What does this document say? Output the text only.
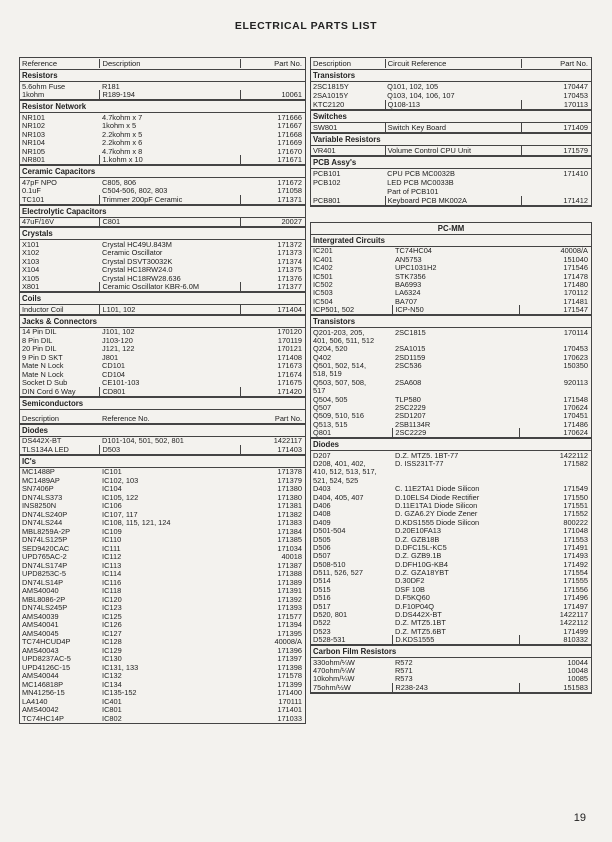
ELECTRICAL PARTS LIST
Reference	Description	Part No.
Resistors
5.6ohm Fuse	R181
1kohm	R189-194	10061
Resistor Network
NR101	4.7kohm x 7	171666
NR102	1kohm x 5	171667
NR103	2.2kohm x 5	171668
NR104	2.2kohm x 6	171669
NR105	4.7kohm x 8	171670
NR801	1.kohm x 10	171671
Ceramic Capacitors
47pF NPO	C805, 806	171672
0.1uF	C504-506, 802, 803	171058
TC101	Trimmer 200pF Ceramic	171371
Electrolytic Capacitors
47uF/16V	C801	20027
Crystals
X101	Crystal HC49U.843M	171372
X102	Ceramic Oscillator	171373
X103	Crystal DSVT30032K	171374
X104	Crystal HC18RW24.0	171375
X105	Crystal HC18RW28.636	171376
X801	Ceramic Oscillator KBR-6.0M	171377
Coils
Inductor Coil	L101, 102	171404
Jacks & Connectors
14 Pin DIL	J101, 102	170120
8 Pin DIL	J103-120	170119
20 Pin DIL	J121, 122	170121
9 Pin D SKT	J801	171408
Mate N Lock	CD101	171673
Mate N Lock	CD104	171674
Socket D Sub	CE101-103	171675
DIN Cord 6 Way	CD801	171420
Semiconductors
Description	Reference No.	Part No.
Diodes
DS442X-BT	D101-104, 501, 502, 801	1422117
TLS134A LED	D503	171403
IC's
MC1488P	IC101	171378
MC1489AP	IC102, 103	171379
SN7406P	IC104	171380
DN74LS373	IC105, 122	171380
INS8250N	IC106	171381
DN74LS240P	IC107, 117	171382
DN74LS244	IC108, 115, 121, 124	171383
MBL8259A-2P	IC109	171384
DN74LS125P	IC110	171385
SED9420CAC	IC111	171034
UPD765AC-2	IC112	40018
DN74LS174P	IC113	171387
UPD8253C-5	IC114	171388
DN74LS14P	IC116	171389
AMS40040	IC118	171391
MBL8086-2P	IC120	171392
DN74LS245P	IC123	171393
AMS40039	IC125	171577
AMS40041	IC126	171394
AMS40045	IC127	171395
TC74HCUD4P	IC128	40008/A
AMS40043	IC129	171396
UPD8237AC-5	IC130	171397
UPD4126C-15	IC131, 133	171398
AMS40044	IC132	171578
MC146818P	IC134	171399
MN41256-15	IC135-152	171400
LA4140	IC401	170111
AMS40042	IC801	171401
TC74HC14P	IC802	171033
Description	Circuit Reference	Part No.
Transistors
2SC1815Y	Q101, 102, 105	170447
2SA1015Y	Q103, 104, 106, 107	170453
KTC2120	Q108-113	170113
Switches
SW801	Switch Key Board	171409
Variable Resistors
VR401	Volume Control CPU Unit	171579
PCB Assy's
PCB101	CPU PCB MC0032B	171410
PCB102	LED PCB MC0033B
Part of PCB101
PCB801	Keyboard PCB MK002A	171412
PC-MM
Intergrated Circuits
IC201	TC74HC04	40008/A
IC401	AN5753	151040
IC402	UPC1031H2	171546
IC501	STK7356	171478
IC502	BA6993	171480
IC503	LA6324	170112
IC504	BA707	171481
ICP501, 502	ICP-N50	171547
Transistors
Q201-203, 205,	2SC1815	170114
401, 506, 511, 512
Q204, 520	2SA1015	170453
Q402	2SD1159	170623
Q501, 502, 514,	2SC536	150350
518, 519
Q503, 507, 508,	2SA608	920113
517
Q504, 505	TLP580	171548
Q507	2SC2229	170624
Q509, 510, 516	2SD1207	170451
Q513, 515	2SB1134R	171486
Q801	2SC2229	170624
Diodes
D207	D.Z. MTZ5. 1BT-77	1422112
D208, 401, 402,	D. ISS231T-77	171582
410, 512, 513, 517,
521, 524, 525
D403	C. 11E2TA1 Diode Silicon	171549
D404, 405, 407	D.10ELS4 Diode Rectifier	171550
D406	D.11E1TA1 Diode Silicon	171551
D408	D. GZA6.2Y Diode Zener	171552
D409	D.KDS1555 Diode Silicon	800222
D501-504	D.20E10FA13	171048
D505	D.Z. GZB18B	171553
D506	D.DFC15L-KC5	171491
D507	D.Z. GZB9.1B	171493
D508-510	D.DFH10G-KB4	171492
D511, 526, 527	D.Z. GZA18YBT	171554
D514	D.30DF2	171555
D515	DSF 10B	171556
D516	D.F5KQ60	171496
D517	D.F10P04Q	171497
D520, 801	D.DS442X-BT	1422117
D522	D.Z. MTZ5.1BT	1422112
D523	D.Z. MTZ5.6BT	171499
D528-531	D.KDS1555	810332
Carbon Film Resistors
330ohm/¼W	R572	10044
470ohm/¼W	R571	10048
10kohm/¼W	R573	10085
75ohm/½W	R238-243	151583
19
